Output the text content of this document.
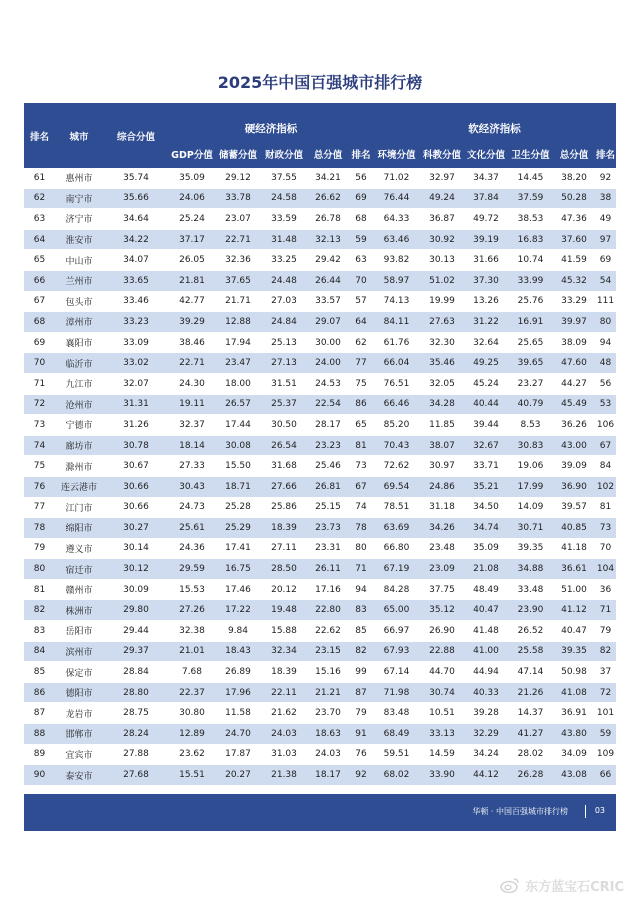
2025年中国百强城市排行榜
排名	城市	综合分值	硬经济指标					软经济指标					
			GDP分值	储蓄分值	财政分值	总分值	排名	环境分值	科教分值	文化分值	卫生分值	总分值	排名
61	惠州市	35.74	35.09	29.12	37.55	34.21	56	71.02	32.97	34.37	14.45	38.20	92
62	南宁市	35.66	24.06	33.78	24.58	26.62	69	76.44	49.24	37.84	37.59	50.28	38
63	济宁市	34.64	25.24	23.07	33.59	26.78	68	64.33	36.87	49.72	38.53	47.36	49
64	淮安市	34.22	37.17	22.71	31.48	32.13	59	63.46	30.92	39.19	16.83	37.60	97
65	中山市	34.07	26.05	32.36	33.25	29.42	63	93.82	30.13	31.66	10.74	41.59	69
66	兰州市	33.65	21.81	37.65	24.48	26.44	70	58.97	51.02	37.30	33.99	45.32	54
67	包头市	33.46	42.77	21.71	27.03	33.57	57	74.13	19.99	13.26	25.76	33.29	111
68	漳州市	33.23	39.29	12.88	24.84	29.07	64	84.11	27.63	31.22	16.91	39.97	80
69	襄阳市	33.09	38.46	17.94	25.13	30.00	62	61.76	32.30	32.64	25.65	38.09	94
70	临沂市	33.02	22.71	23.47	27.13	24.00	77	66.04	35.46	49.25	39.65	47.60	48
71	九江市	32.07	24.30	18.00	31.51	24.53	75	76.51	32.05	45.24	23.27	44.27	56
72	沧州市	31.31	19.11	26.57	25.37	22.54	86	66.46	34.28	40.44	40.79	45.49	53
73	宁德市	31.26	32.37	17.44	30.50	28.17	65	85.20	11.85	39.44	8.53	36.26	106
74	廊坊市	30.78	18.14	30.08	26.54	23.23	81	70.43	38.07	32.67	30.83	43.00	67
75	滁州市	30.67	27.33	15.50	31.68	25.46	73	72.62	30.97	33.71	19.06	39.09	84
76	连云港市	30.66	30.43	18.71	27.66	26.81	67	69.54	24.86	35.21	17.99	36.90	102
77	江门市	30.66	24.73	25.28	25.86	25.15	74	78.51	31.18	34.50	14.09	39.57	81
78	绵阳市	30.27	25.61	25.29	18.39	23.73	78	63.69	34.26	34.74	30.71	40.85	73
79	遵义市	30.14	24.36	17.41	27.11	23.31	80	66.80	23.48	35.09	39.35	41.18	70
80	宿迁市	30.12	29.59	16.75	28.50	26.11	71	67.19	23.09	21.08	34.88	36.61	104
81	赣州市	30.09	15.53	17.46	20.12	17.16	94	84.28	37.75	48.49	33.48	51.00	36
82	株洲市	29.80	27.26	17.22	19.48	22.80	83	65.00	35.12	40.47	23.90	41.12	71
83	岳阳市	29.44	32.38	9.84	15.88	22.62	85	66.97	26.90	41.48	26.52	40.47	79
84	滨州市	29.37	21.01	18.43	32.34	23.15	82	67.93	22.88	41.00	25.58	39.35	82
85	保定市	28.84	7.68	26.89	18.39	15.16	99	67.14	44.70	44.94	47.14	50.98	37
86	德阳市	28.80	22.37	17.96	22.11	21.21	87	71.98	30.74	40.33	21.26	41.08	72
87	龙岩市	28.75	30.80	11.58	21.62	23.70	79	83.48	10.51	39.28	14.37	36.91	101
88	邯郸市	28.24	12.89	24.70	24.03	18.63	91	68.49	33.13	32.29	41.27	43.80	59
89	宜宾市	27.88	23.62	17.87	31.03	24.03	76	59.51	14.59	34.24	28.02	34.09	109
90	泰安市	27.68	15.51	20.27	21.38	18.17	92	68.02	33.90	44.12	26.28	43.08	66
华顿 · 中国百强城市排行榜	03
东方蓝宝石CRIC
